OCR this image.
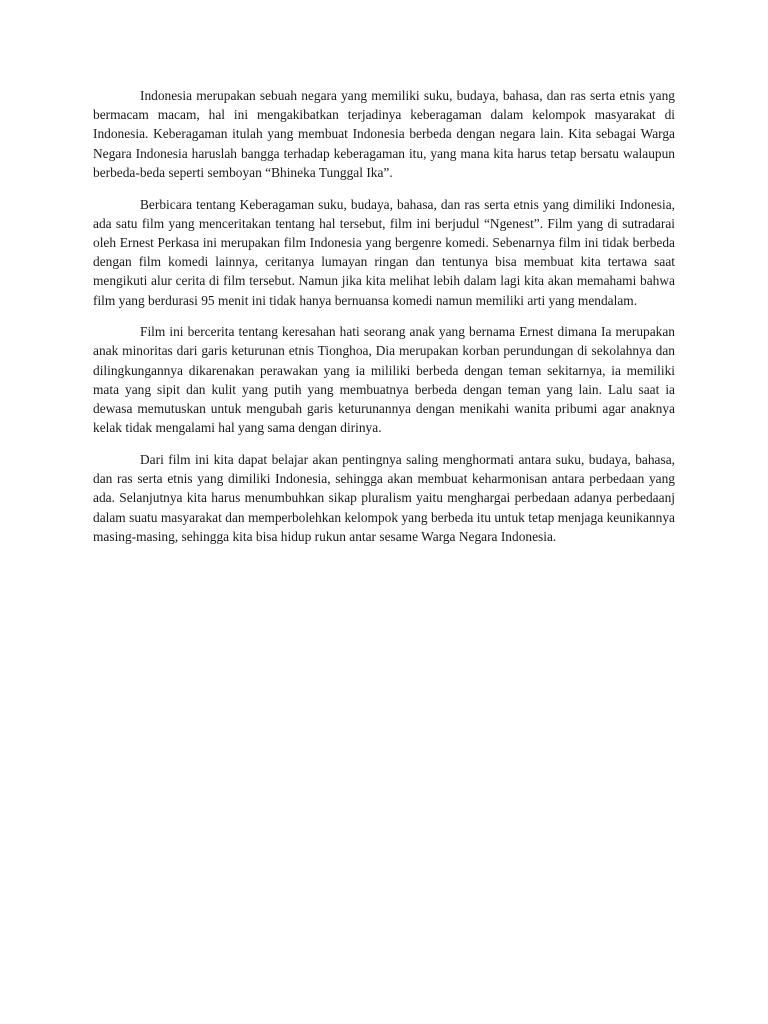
Indonesia merupakan sebuah negara yang memiliki suku, budaya, bahasa, dan ras serta etnis yang bermacam macam, hal ini mengakibatkan terjadinya keberagaman dalam kelompok masyarakat di Indonesia. Keberagaman itulah yang membuat Indonesia berbeda dengan negara lain. Kita sebagai Warga Negara Indonesia haruslah bangga terhadap keberagaman itu, yang mana kita harus tetap bersatu walaupun berbeda-beda seperti semboyan “Bhineka Tunggal Ika”.

Berbicara tentang Keberagaman suku, budaya, bahasa, dan ras serta etnis yang dimiliki Indonesia, ada satu film yang menceritakan tentang hal tersebut, film ini berjudul “Ngenest”. Film yang di sutradarai oleh Ernest Perkasa ini merupakan film Indonesia yang bergenre komedi. Sebenarnya film ini tidak berbeda dengan film komedi lainnya, ceritanya lumayan ringan dan tentunya bisa membuat kita tertawa saat mengikuti alur cerita di film tersebut. Namun jika kita melihat lebih dalam lagi kita akan memahami bahwa film yang berdurasi 95 menit ini tidak hanya bernuansa komedi namun memiliki arti yang mendalam.

Film ini bercerita tentang keresahan hati seorang anak yang bernama Ernest dimana Ia merupakan anak minoritas dari garis keturunan etnis Tionghoa, Dia merupakan korban perundungan di sekolahnya dan dilingkungannya dikarenakan perawakan yang ia mililiki berbeda dengan teman sekitarnya, ia memiliki mata yang sipit dan kulit yang putih yang membuatnya berbeda dengan teman yang lain. Lalu saat ia dewasa memutuskan untuk mengubah garis keturunannya dengan menikahi wanita pribumi agar anaknya kelak tidak mengalami hal yang sama dengan dirinya.

Dari film ini kita dapat belajar akan pentingnya saling menghormati antara suku, budaya, bahasa, dan ras serta etnis yang dimiliki Indonesia, sehingga akan membuat keharmonisan antara perbedaan yang ada. Selanjutnya kita harus menumbuhkan sikap pluralism yaitu menghargai perbedaan adanya perbedaanj dalam suatu masyarakat dan memperbolehkan kelompok yang berbeda itu untuk tetap menjaga keunikannya masing-masing, sehingga kita bisa hidup rukun antar sesame Warga Negara Indonesia.
